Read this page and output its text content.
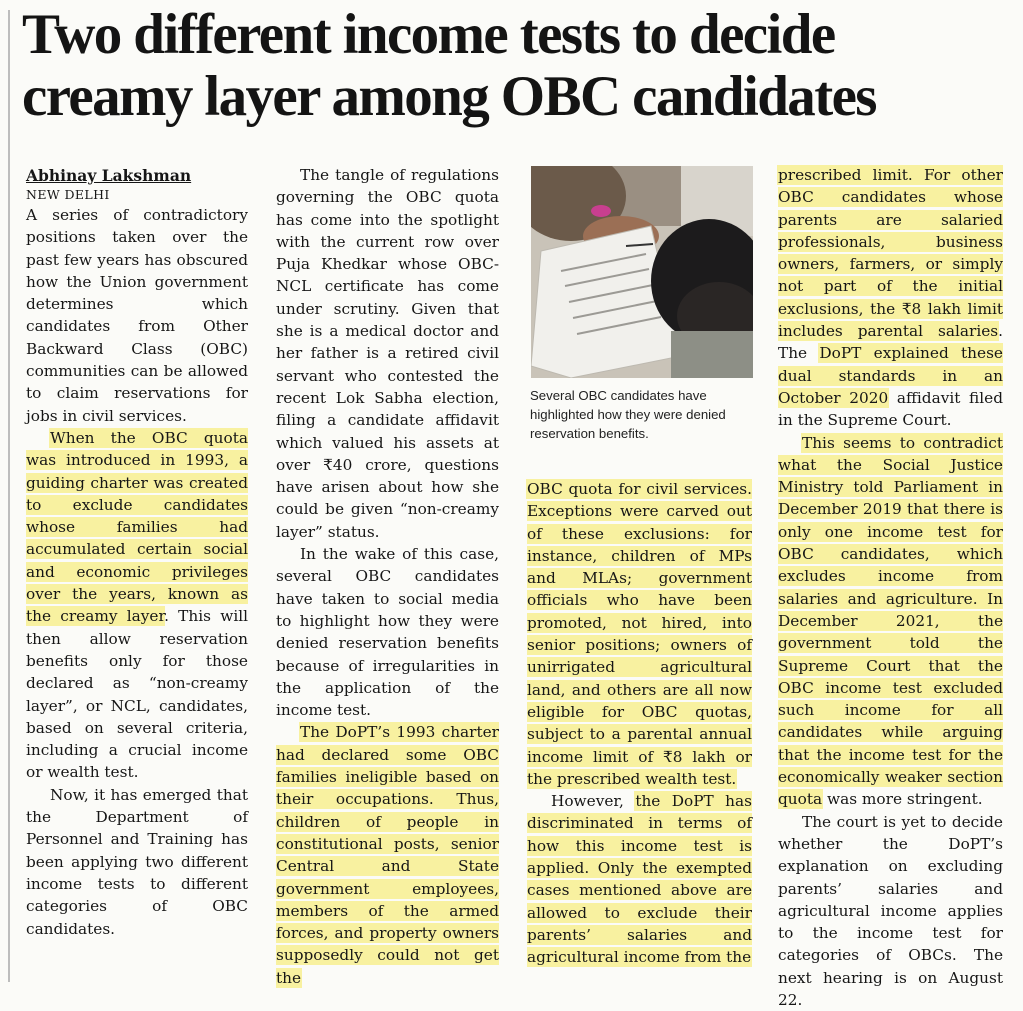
Two different income tests to decide
creamy layer among OBC candidates

Abhinay Lakshman

NEW DELHI

A series of contradictory positions taken over the past few years has obscured how the Union government determines which candidates from Other Backward Class (OBC) communities can be allowed to claim reservations for jobs in civil services.

When the OBC quota was introduced in 1993, a guiding charter was created to exclude candidates whose families had accumulated certain social and economic privileges over the years, known as the creamy layer. This will then allow reservation benefits only for those declared as “non-creamy layer”, or NCL, candidates, based on several criteria, including a crucial income or wealth test.

Now, it has emerged that the Department of Personnel and Training has been applying two different income tests to different categories of OBC candidates.

The tangle of regulations governing the OBC quota has come into the spotlight with the current row over Puja Khedkar whose OBC-NCL certificate has come under scrutiny. Given that she is a medical doctor and her father is a retired civil servant who contested the recent Lok Sabha election, filing a candidate affidavit which valued his assets at over ₹40 crore, questions have arisen about how she could be given “non-creamy layer” status.

In the wake of this case, several OBC candidates have taken to social media to highlight how they were denied reservation benefits because of irregularities in the application of the income test.

The DoPT’s 1993 charter had declared some OBC families ineligible based on their occupations. Thus, children of people in constitutional posts, senior Central and State government employees, members of the armed forces, and property owners supposedly could not get the

Several OBC candidates have highlighted how they were denied reservation benefits.

OBC quota for civil services. Exceptions were carved out of these exclusions: for instance, children of MPs and MLAs; government officials who have been promoted, not hired, into senior positions; owners of unirrigated agricultural land, and others are all now eligible for OBC quotas, subject to a parental annual income limit of ₹8 lakh or the prescribed wealth test.

However, the DoPT has discriminated in terms of how this income test is applied. Only the exempted cases mentioned above are allowed to exclude their parents’ salaries and agricultural income from the

prescribed limit. For other OBC candidates whose parents are salaried professionals, business owners, farmers, or simply not part of the initial exclusions, the ₹8 lakh limit includes parental salaries. The DoPT explained these dual standards in an October 2020 affidavit filed in the Supreme Court.

This seems to contradict what the Social Justice Ministry told Parliament in December 2019 that there is only one income test for OBC candidates, which excludes income from salaries and agriculture. In December 2021, the government told the Supreme Court that the OBC income test excluded such income for all candidates while arguing that the income test for the economically weaker section quota was more stringent.

The court is yet to decide whether the DoPT’s explanation on excluding parents’ salaries and agricultural income applies to the income test for categories of OBCs. The next hearing is on August 22.
